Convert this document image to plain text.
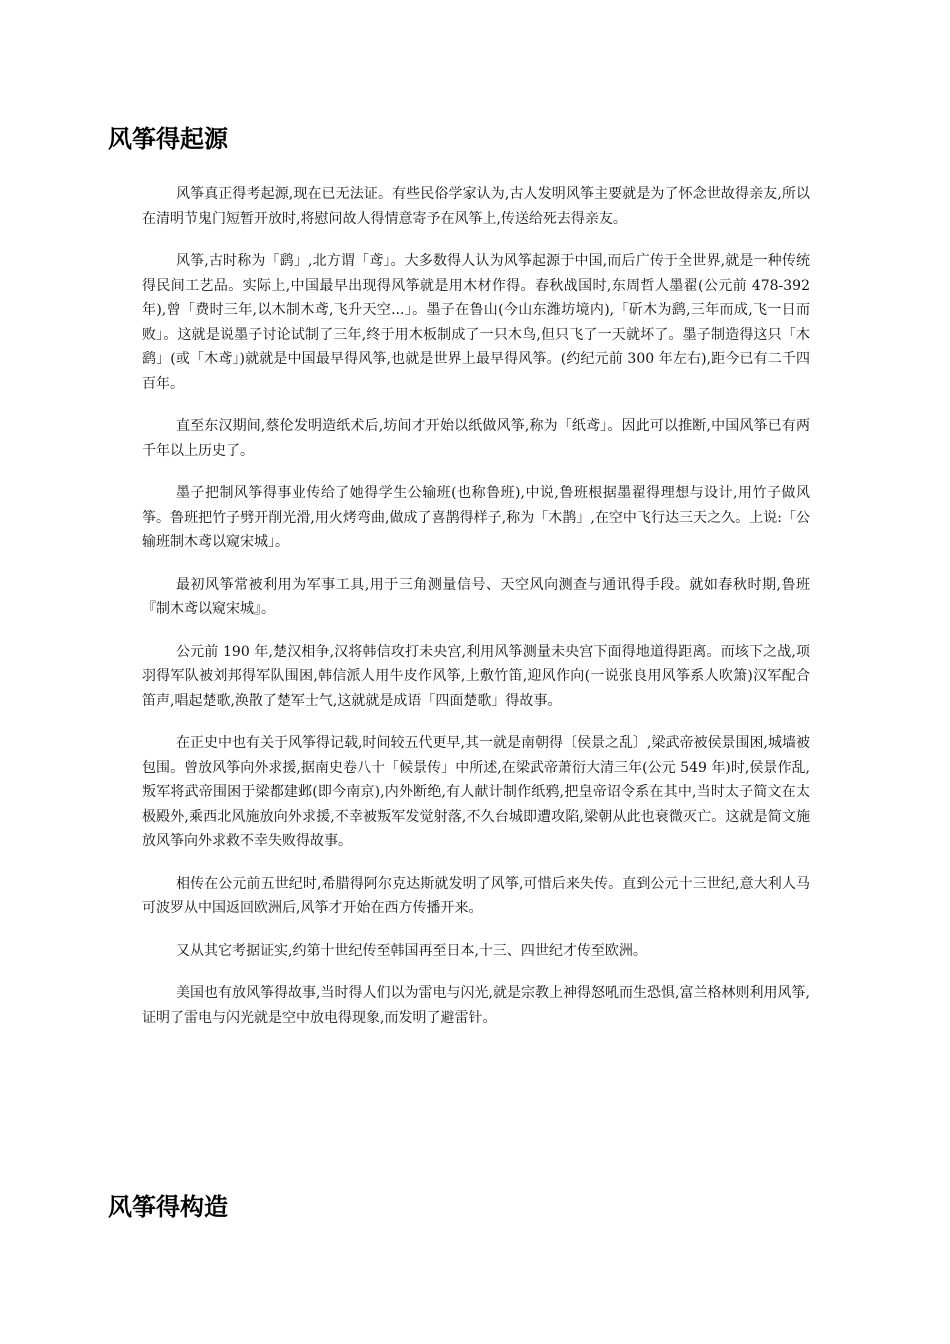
风筝得起源

风筝真正得考起源,现在已无法证。有些民俗学家认为,古人发明风筝主要就是为了怀念世故得亲友,所以在清明节鬼门短暂开放时,将慰问故人得情意寄予在风筝上,传送给死去得亲友。

风筝,古时称为「鹞」,北方谓「鸢」。大多数得人认为风筝起源于中国,而后广传于全世界,就是一种传统得民间工艺品。实际上,中国最早出现得风筝就是用木材作得。春秋战国时,东周哲人墨翟(公元前 478-392 年),曾「费时三年,以木制木鸢,飞升天空...」。墨子在鲁山(今山东潍坊境内),「斫木为鹞,三年而成,飞一日而败」。这就是说墨子讨论试制了三年,终于用木板制成了一只木鸟,但只飞了一天就坏了。墨子制造得这只「木鹞」(或「木鸢」)就就是中国最早得风筝,也就是世界上最早得风筝。(约纪元前 300 年左右),距今已有二千四百年。

直至东汉期间,蔡伦发明造纸术后,坊间才开始以纸做风筝,称为「纸鸢」。因此可以推断,中国风筝已有两千年以上历史了。

墨子把制风筝得事业传给了她得学生公输班(也称鲁班),中说,鲁班根据墨翟得理想与设计,用竹子做风筝。鲁班把竹子劈开削光滑,用火烤弯曲,做成了喜鹊得样子,称为「木鹊」,在空中飞行达三天之久。上说:「公输班制木鸢以窥宋城」。

最初风筝常被利用为军事工具,用于三角测量信号、天空风向测查与通讯得手段。就如春秋时期,鲁班『制木鸢以窥宋城』。

公元前 190 年,楚汉相争,汉将韩信攻打未央宫,利用风筝测量未央宫下面得地道得距离。而垓下之战,项羽得军队被刘邦得军队围困,韩信派人用牛皮作风筝,上敷竹笛,迎风作向(一说张良用风筝系人吹箫)汉军配合笛声,唱起楚歌,涣散了楚军士气,这就就是成语「四面楚歌」得故事。

在正史中也有关于风筝得记载,时间较五代更早,其一就是南朝得〔侯景之乱〕,梁武帝被侯景围困,城墙被包围。曾放风筝向外求援,据南史卷八十「候景传」中所述,在梁武帝萧衍大清三年(公元 549 年)时,侯景作乱,叛军将武帝围困于梁都建邺(即今南京),内外断绝,有人献计制作纸鸦,把皇帝诏令系在其中,当时太子简文在太极殿外,乘西北风施放向外求援,不幸被叛军发觉射落,不久台城即遭攻陷,梁朝从此也衰微灭亡。这就是简文施放风筝向外求救不幸失败得故事。

相传在公元前五世纪时,希腊得阿尔克达斯就发明了风筝,可惜后来失传。直到公元十三世纪,意大利人马可波罗从中国返回欧洲后,风筝才开始在西方传播开来。

又从其它考据证实,约第十世纪传至韩国再至日本,十三、四世纪才传至欧洲。

美国也有放风筝得故事,当时得人们以为雷电与闪光,就是宗教上神得怒吼而生恐惧,富兰格林则利用风筝,证明了雷电与闪光就是空中放电得现象,而发明了避雷针。

风筝得构造
